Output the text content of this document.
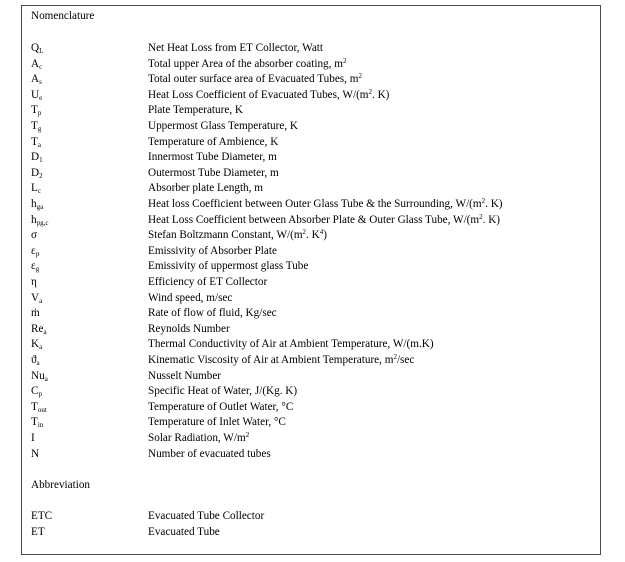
Nomenclature
$Q_L$	Net Heat Loss from ET Collector, Watt
$A_c$	Total upper Area of the absorber coating, $m^2$
$A_s$	Total outer surface area of Evacuated Tubes, $m^2$
$U_e$	Heat Loss Coefficient of Evacuated Tubes, $W/(m^2$. K)
$T_p$	Plate Temperature, K
$T_g$	Uppermost Glass Temperature, K
$T_a$	Temperature of Ambience, K
$D_1$	Innermost Tube Diameter, m
$D_2$	Outermost Tube Diameter, m
$L_c$	Absorber plate Length, m
$h_{ga}$	Heat loss Coefficient between Outer Glass Tube & the Surrounding, $W/(m^2$. K)
$h_{pg,c}$	Heat Loss Coefficient between Absorber Plate & Outer Glass Tube, $W/(m^2$. K)
σ	Stefan Boltzmann Constant, $W/(m^2$. $K^4$)
$\varepsilon_p$	Emissivity of Absorber Plate
$\varepsilon_g$	Emissivity of uppermost glass Tube
η	Efficiency of ET Collector
$V_a$	Wind speed, m/sec
ṁ	Rate of flow of fluid, Kg/sec
$Re_a$	Reynolds Number
$K_a$	Thermal Conductivity of Air at Ambient Temperature, W/(m.K)
$ϑ_a$	Kinematic Viscosity of Air at Ambient Temperature, $m^2/\sec$
$Nu_a$	Nusselt Number
$C_p$	Specific Heat of Water, J/(Kg. K)
$T_{out}$	Temperature of Outlet Water, °C
$T_{in}$	Temperature of Inlet Water, °C
I	Solar Radiation, $W/m^2$
N	Number of evacuated tubes
Abbreviation
ETC	Evacuated Tube Collector
ET	Evacuated Tube
